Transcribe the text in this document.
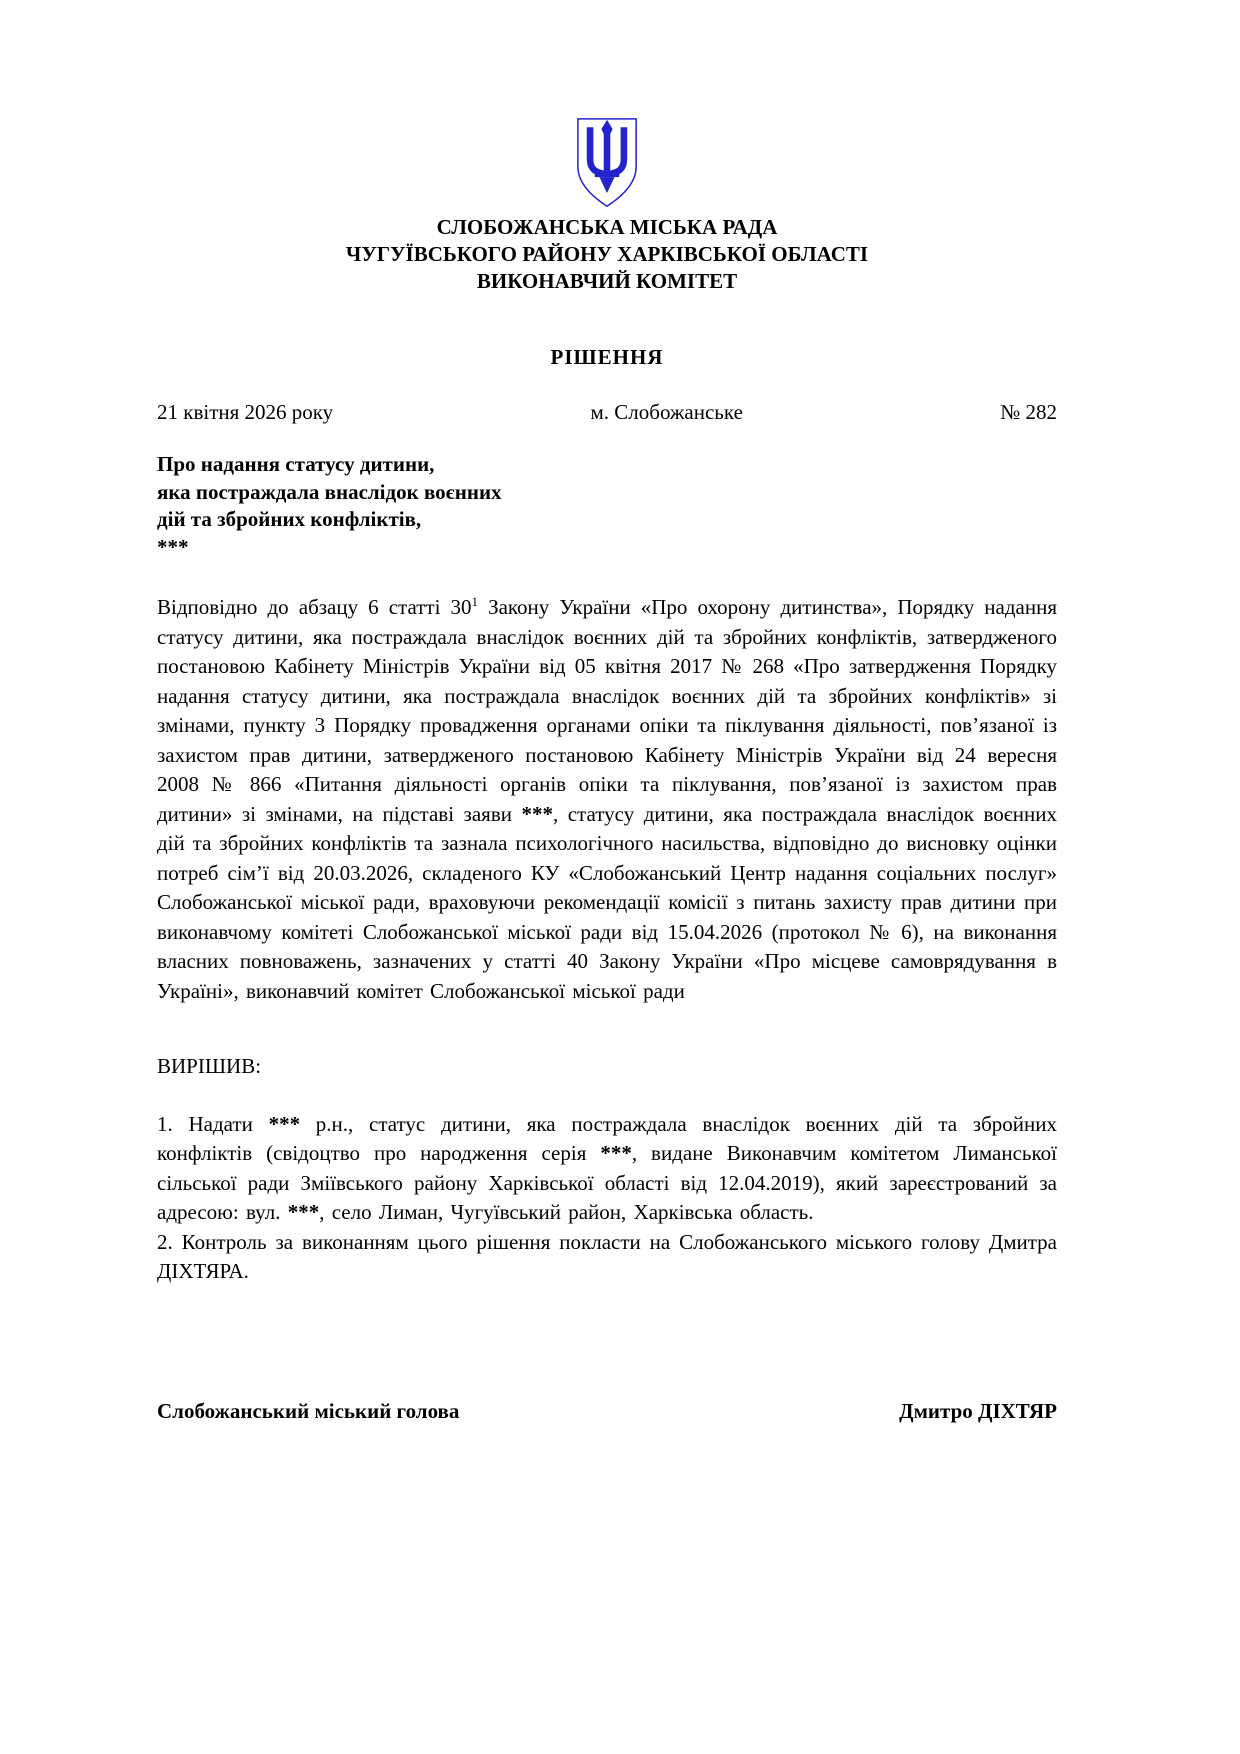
СЛОБОЖАНСЬКА МІСЬКА РАДА
ЧУГУЇВСЬКОГО РАЙОНУ ХАРКІВСЬКОЇ ОБЛАСТІ
ВИКОНАВЧИЙ КОМІТЕТ
РІШЕННЯ
21 квітня 2026 року	м. Слобожанське	№ 282
Про надання статусу дитини,
яка постраждала внаслідок воєнних
дій та збройних конфліктів,
***

Відповідно до абзацу 6 статті $30^1$ Закону України «Про охорону дитинства», Порядку надання статусу дитини, яка постраждала внаслідок воєнних дій та збройних конфліктів, затвердженого постановою Кабінету Міністрів України від 05 квітня 2017 № 268 «Про затвердження Порядку надання статусу дитини, яка постраждала внаслідок воєнних дій та збройних конфліктів» зі змінами, пункту 3 Порядку провадження органами опіки та піклування діяльності, пов’язаної із захистом прав дитини, затвердженого постановою Кабінету Міністрів України від 24 вересня 2008 № 866 «Питання діяльності органів опіки та піклування, пов’язаної із захистом прав дитини» зі змінами, на підставі заяви ***, статусу дитини, яка постраждала внаслідок воєнних дій та збройних конфліктів та зазнала психологічного насильства, відповідно до висновку оцінки потреб сім’ї від 20.03.2026, складеного КУ «Слобожанський Центр надання соціальних послуг» Слобожанської міської ради, враховуючи рекомендації комісії з питань захисту прав дитини при виконавчому комітеті Слобожанської міської ради від 15.04.2026 (протокол № 6), на виконання власних повноважень, зазначених у статті 40 Закону України «Про місцеве самоврядування в Україні», виконавчий комітет Слобожанської міської ради

ВИРІШИВ:

1. Надати *** р.н., статус дитини, яка постраждала внаслідок воєнних дій та збройних конфліктів (свідоцтво про народження серія ***, видане Виконавчим комітетом Лиманської сільської ради Зміївського району Харківської області від 12.04.2019), який зареєстрований за адресою: вул. ***, село Лиман, Чугуївський район, Харківська область.

2. Контроль за виконанням цього рішення покласти на Слобожанського міського голову Дмитра ДІХТЯРА.

Слобожанський міський голова	Дмитро ДІХТЯР
